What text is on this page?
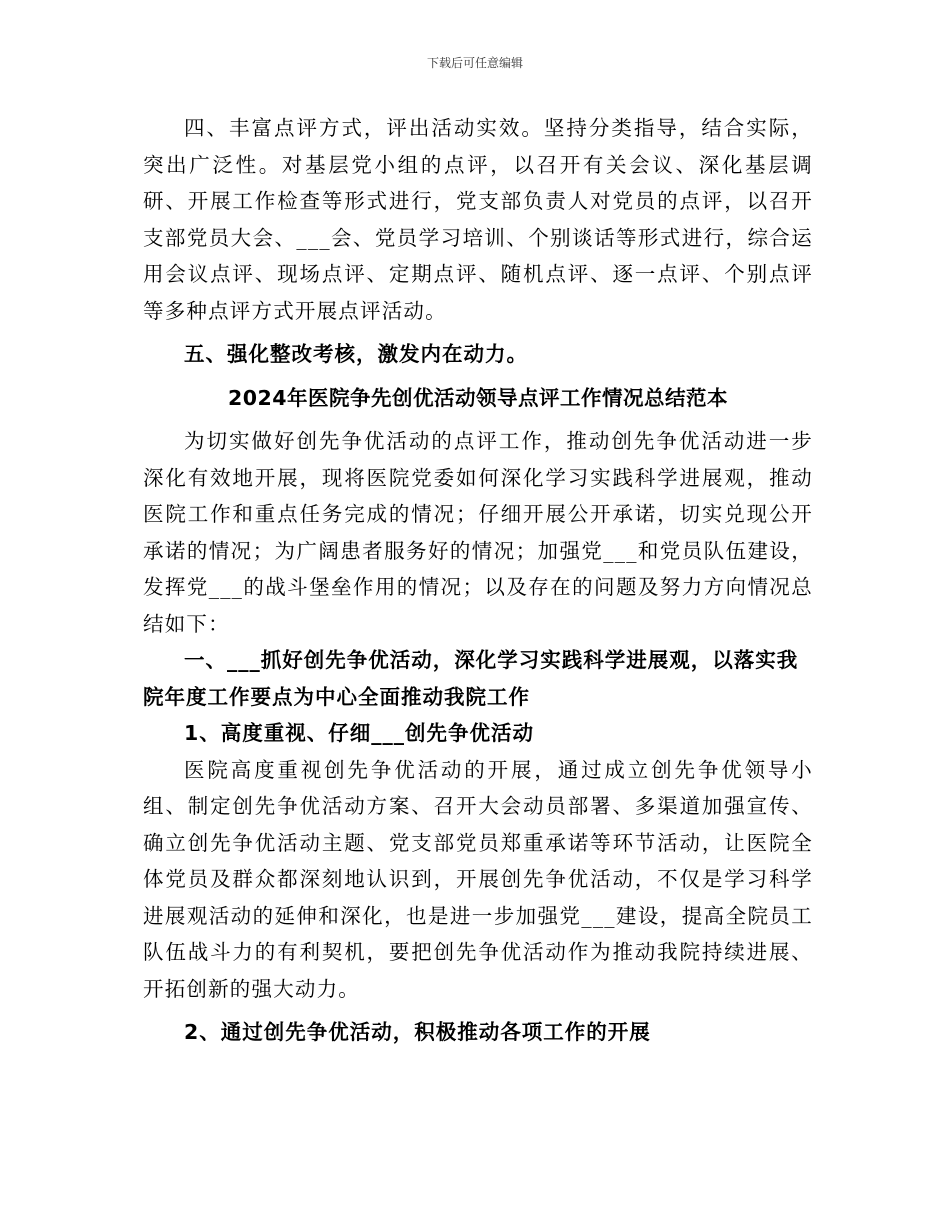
下载后可任意编辑

四、丰富点评方式，评出活动实效。坚持分类指导，结合实际，突出广泛性。对基层党小组的点评，以召开有关会议、深化基层调研、开展工作检查等形式进行，党支部负责人对党员的点评，以召开支部党员大会、___会、党员学习培训、个别谈话等形式进行，综合运用会议点评、现场点评、定期点评、随机点评、逐一点评、个别点评等多种点评方式开展点评活动。

五、强化整改考核，激发内在动力。

2024年医院争先创优活动领导点评工作情况总结范本

为切实做好创先争优活动的点评工作，推动创先争优活动进一步深化有效地开展，现将医院党委如何深化学习实践科学进展观，推动医院工作和重点任务完成的情况；仔细开展公开承诺，切实兑现公开承诺的情况；为广阔患者服务好的情况；加强党___和党员队伍建设，发挥党___的战斗堡垒作用的情况；以及存在的问题及努力方向情况总结如下：

一、___抓好创先争优活动，深化学习实践科学进展观，以落实我院年度工作要点为中心全面推动我院工作

1、高度重视、仔细___创先争优活动

医院高度重视创先争优活动的开展，通过成立创先争优领导小组、制定创先争优活动方案、召开大会动员部署、多渠道加强宣传、确立创先争优活动主题、党支部党员郑重承诺等环节活动，让医院全体党员及群众都深刻地认识到，开展创先争优活动，不仅是学习科学进展观活动的延伸和深化，也是进一步加强党___建设，提高全院员工队伍战斗力的有利契机，要把创先争优活动作为推动我院持续进展、开拓创新的强大动力。

2、通过创先争优活动，积极推动各项工作的开展
